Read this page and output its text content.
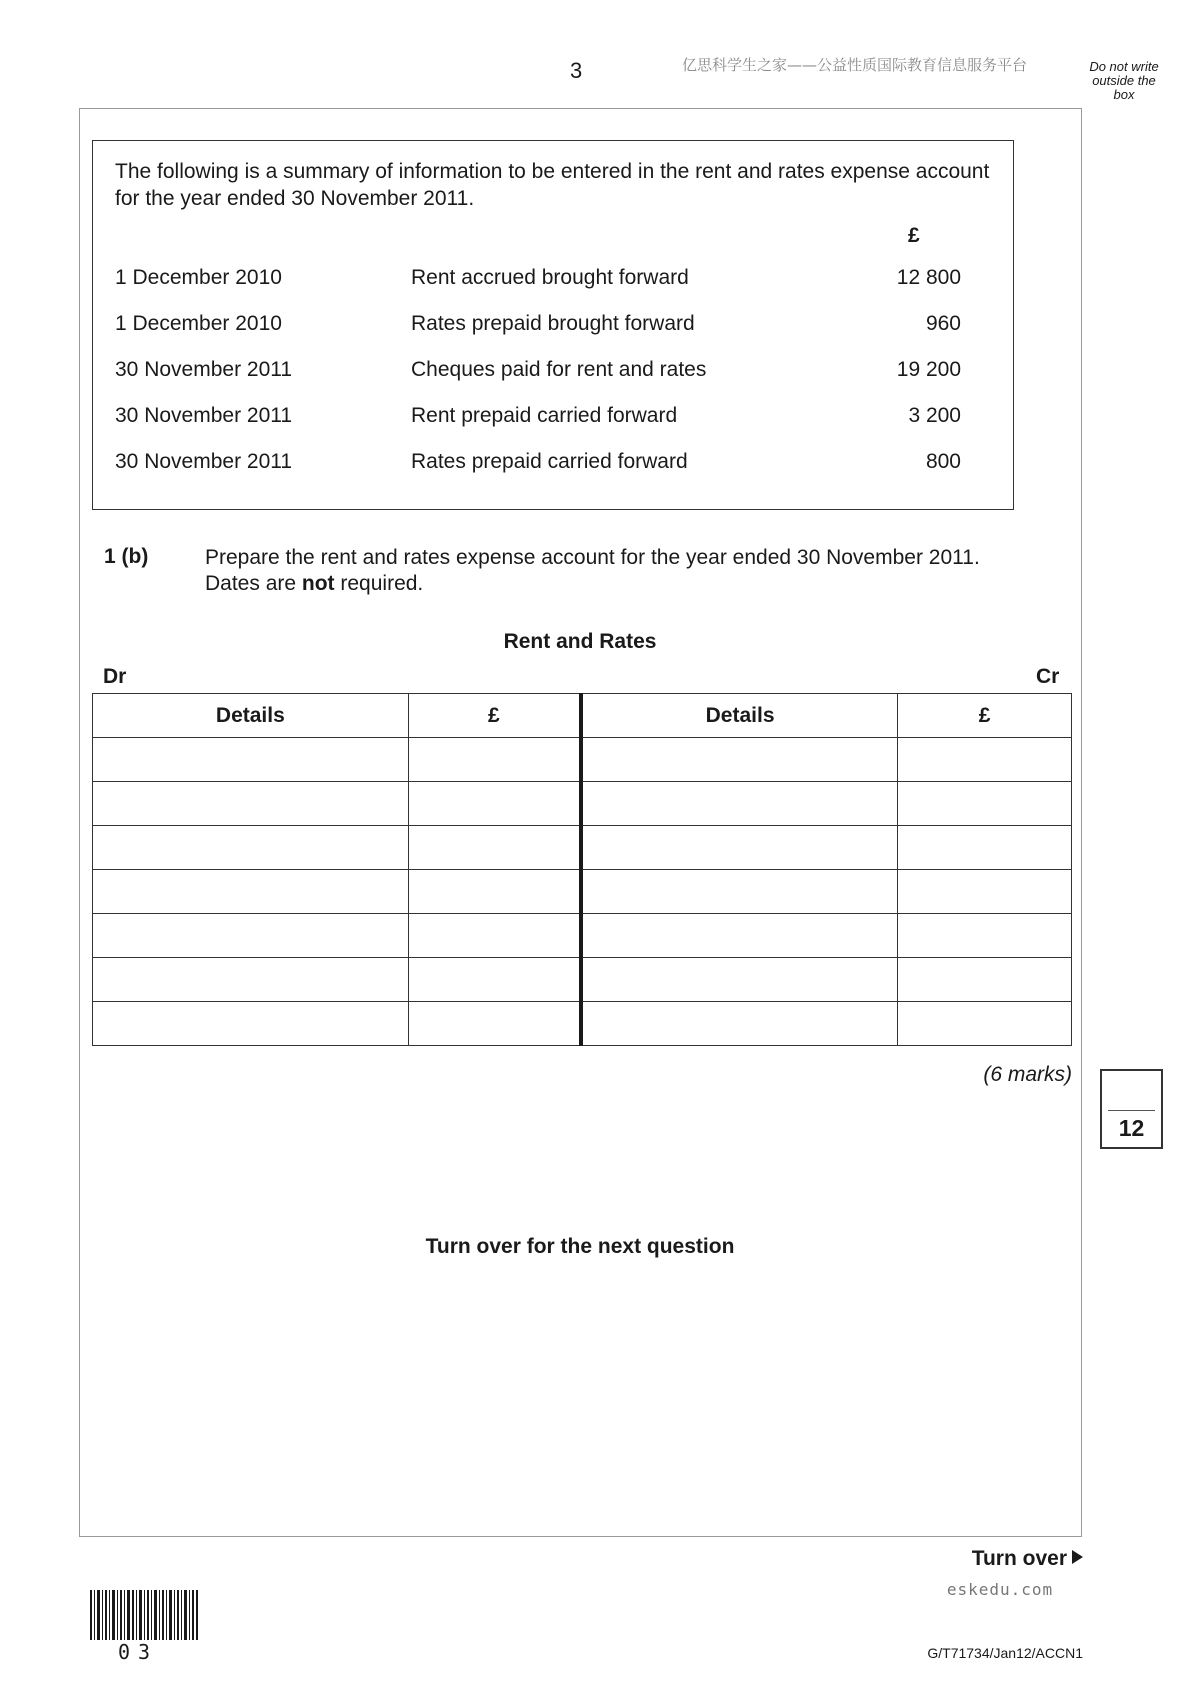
3	亿思科学生之家——公益性质国际教育信息服务平台	Do not write outside the box
The following is a summary of information to be entered in the rent and rates expense account for the year ended 30 November 2011.
£
1 December 2010	Rent accrued brought forward	12 800
1 December 2010	Rates prepaid brought forward	960
30 November 2011	Cheques paid for rent and rates	19 200
30 November 2011	Rent prepaid carried forward	3 200
30 November 2011	Rates prepaid carried forward	800
1 (b)	Prepare the rent and rates expense account for the year ended 30 November 2011.
Dates are not required.
Rent and Rates
Dr	Cr
Details	£	Details	£

(6 marks)
12
Turn over for the next question
Turn over
eskedu.com
03	G/T71734/Jan12/ACCN1
